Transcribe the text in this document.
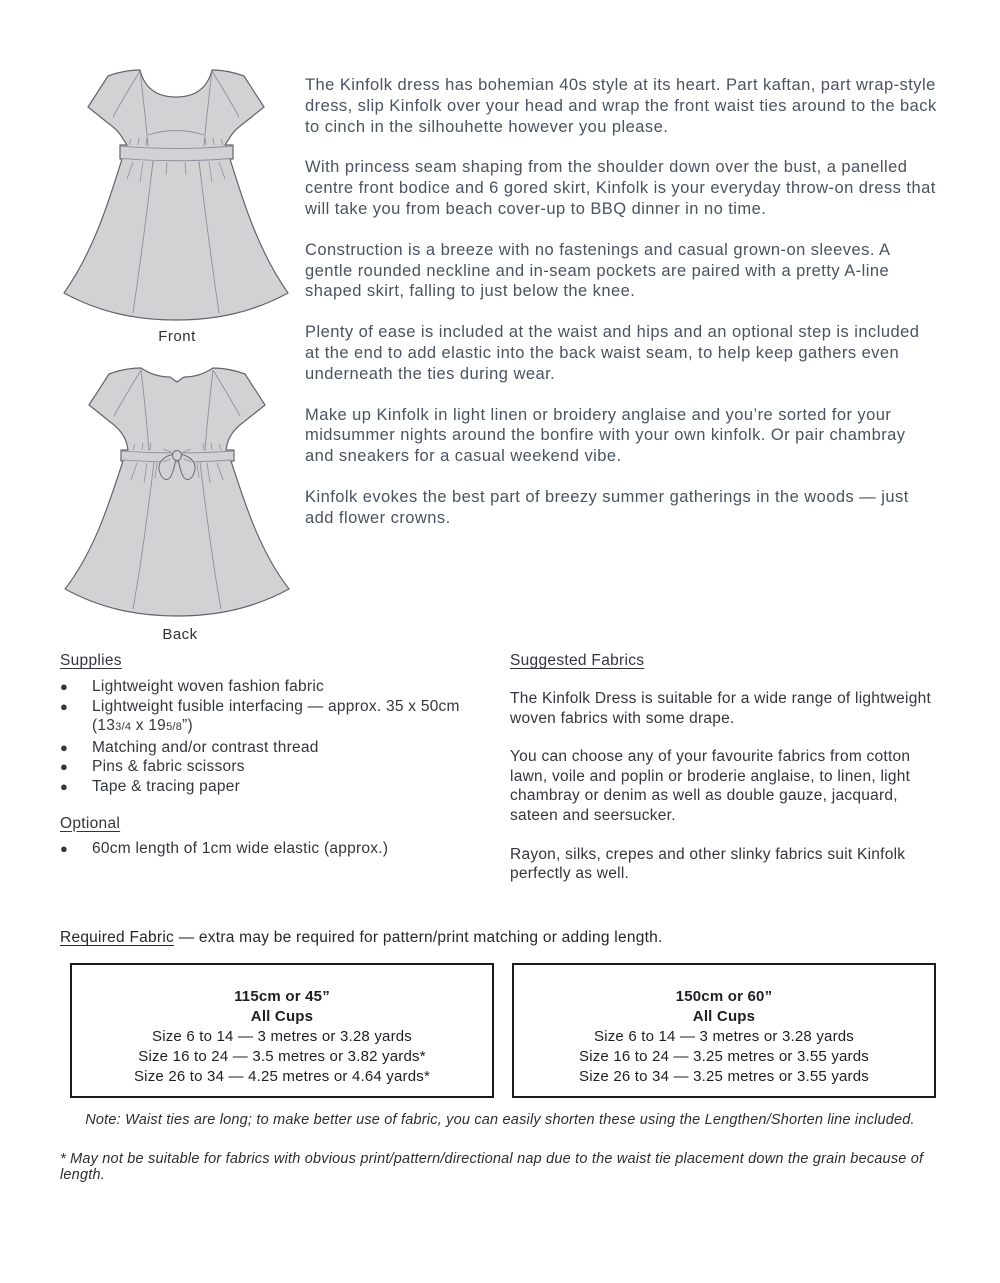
Front
Back

The Kinfolk dress has bohemian 40s style at its heart. Part kaftan, part wrap-style dress, slip Kinfolk over your head and wrap the front waist ties around to the back to cinch in the silhouhette however you please.

With princess seam shaping from the shoulder down over the bust, a panelled centre front bodice and 6 gored skirt, Kinfolk is your everyday throw-on dress that will take you from beach cover-up to BBQ dinner in no time.

Construction is a breeze with no fastenings and casual grown-on sleeves. A gentle rounded neckline and in-seam pockets are paired with a pretty A-line shaped skirt, falling to just below the knee.

Plenty of ease is included at the waist and hips and an optional step is included at the end to add elastic into the back waist seam, to help keep gathers even underneath the ties during wear.

Make up Kinfolk in light linen or broidery anglaise and you’re sorted for your midsummer nights around the bonfire with your own kinfolk. Or pair chambray and sneakers for a casual weekend vibe.

Kinfolk evokes the best part of breezy summer gatherings in the woods — just add flower crowns.

Supplies
●	Lightweight woven fashion fabric
●	Lightweight fusible interfacing — approx. 35 x 50cm
(133/4 x 195/8”)
●	Matching and/or contrast thread
●	Pins & fabric scissors
●	Tape & tracing paper
Optional
●	60cm length of 1cm wide elastic (approx.)
Suggested Fabrics

The Kinfolk Dress is suitable for a wide range of lightweight woven fabrics with some drape.

You can choose any of your favourite fabrics from cotton lawn, voile and poplin or broderie anglaise, to linen, light chambray or denim as well as double gauze, jacquard, sateen and seersucker.

Rayon, silks, crepes and other slinky fabrics suit Kinfolk perfectly as well.

Required Fabric — extra may be required for pattern/print matching or adding length.
115cm or 45”
All Cups
Size 6 to 14 — 3 metres or 3.28 yards
Size 16 to 24 — 3.5 metres or 3.82 yards*
Size 26 to 34 — 4.25 metres or 4.64 yards*
150cm or 60”
All Cups
Size 6 to 14 — 3 metres or 3.28 yards
Size 16 to 24 — 3.25 metres or 3.55 yards
Size 26 to 34 — 3.25 metres or 3.55 yards
Note: Waist ties are long; to make better use of fabric, you can easily shorten these using the Lengthen/Shorten line included.
* May not be suitable for fabrics with obvious print/pattern/directional nap due to the waist tie placement down the grain because of length.
